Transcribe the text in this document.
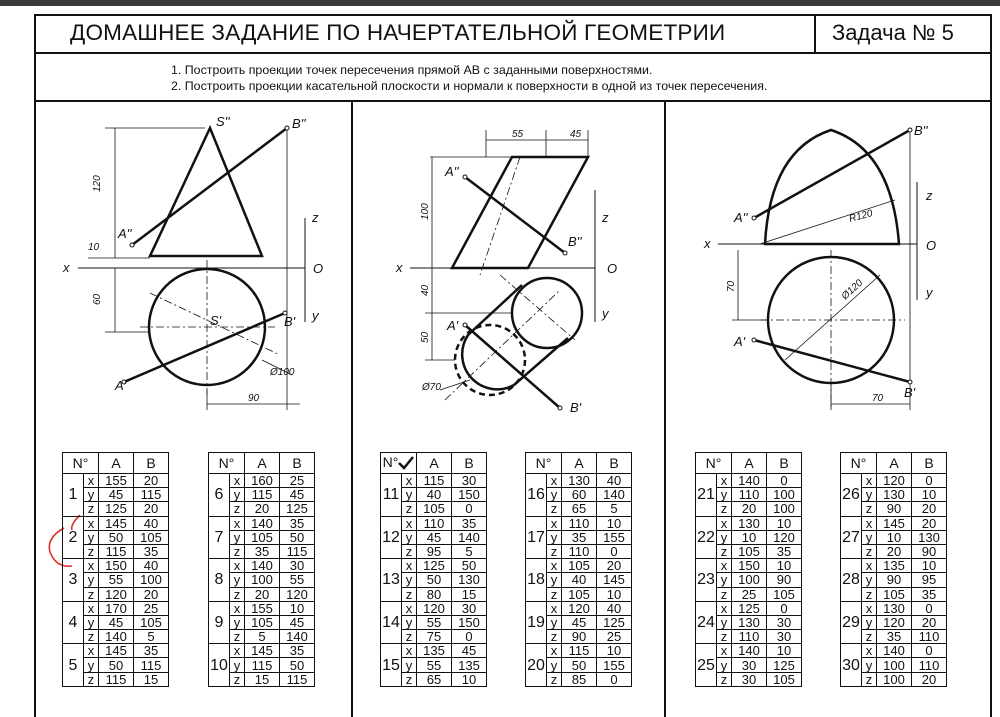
ДОМАШНЕЕ ЗАДАНИЕ ПО НАЧЕРТАТЕЛЬНОЙ ГЕОМЕТРИИ	Задача № 5

1. Построить проекции точек пересечения прямой АВ с заданными поверхностями.

2. Построить проекции касательной плоскости и нормали к поверхности в одной из точек пересечения.

S''	B''
A''
S'	B'
A'
x
y
z
O
120
10
60
90
Ø100
A''
B''
A'
B'
x
y
z
O
55	45
100
40
50
Ø70
A''
B''
A'
B'
x
y
z
O
R120
70	Ø120
70
N°		A	B
1	x	155	20
	y	45	115
	z	125	20
2	x	145	40
	y	50	105
	z	115	35
3	x	150	40
	y	55	100
	z	120	20
4	x	170	25
	y	45	105
	z	140	5
5	x	145	35
	y	50	115
	z	115	15
N°		A	B
6	x	160	25
	y	115	45
	z	20	125
7	x	140	35
	y	105	50
	z	35	115
8	x	140	30
	y	100	55
	z	20	120
9	x	155	10
	y	105	45
	z	5	140
10	x	145	35
	y	115	50
	z	15	115
N°		A	B
11	x	115	30
	y	40	150
	z	105	0
12	x	110	35
	y	45	140
	z	95	5
13	x	125	50
	y	50	130
	z	80	15
14	x	120	30
	y	55	150
	z	75	0
15	x	135	45
	y	55	135
	z	65	10
N°		A	B
16	x	130	40
	y	60	140
	z	65	5
17	x	110	10
	y	35	155
	z	110	0
18	x	105	20
	y	40	145
	z	105	10
19	x	120	40
	y	45	125
	z	90	25
20	x	115	10
	y	50	155
	z	85	0
N°		A	B
21	x	140	0
	y	110	100
	z	20	100
22	x	130	10
	y	10	120
	z	105	35
23	x	150	10
	y	100	90
	z	25	105
24	x	125	0
	y	130	30
	z	110	30
25	x	140	10
	y	30	125
	z	30	105
N°		A	B
26	x	120	0
	y	130	10
	z	90	20
27	x	145	20
	y	10	130
	z	20	90
28	x	135	10
	y	90	95
	z	105	35
29	x	130	0
	y	120	20
	z	35	110
30	x	140	0
	y	100	110
	z	100	20
